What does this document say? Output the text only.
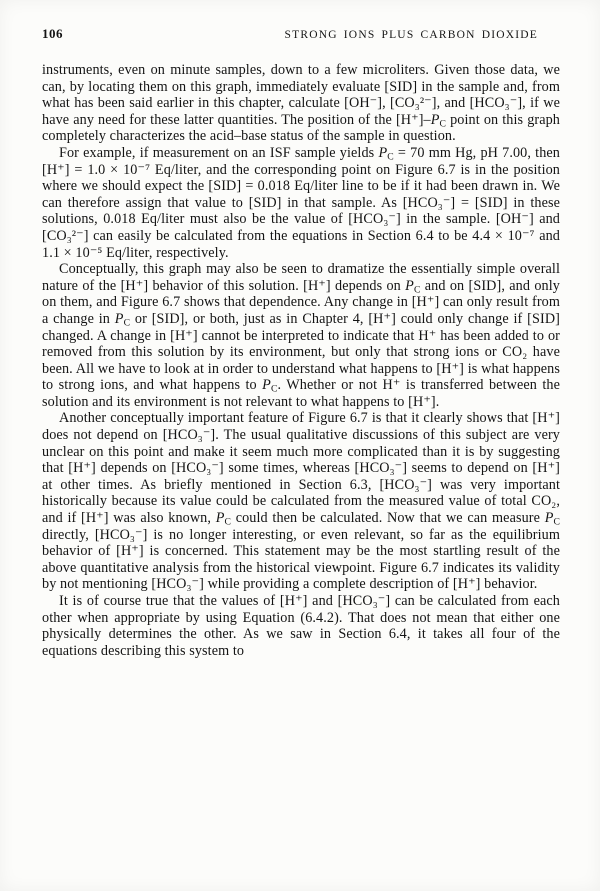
106	STRONG IONS PLUS CARBON DIOXIDE

instruments, even on minute samples, down to a few microliters. Given those data, we can, by locating them on this graph, immediately evaluate [SID] in the sample and, from what has been said earlier in this chapter, calculate [OH⁻], [CO₃²⁻], and [HCO₃⁻], if we have any need for these latter quantities. The position of the $[H^+]-P_C$ point on this graph completely characterizes the acid–base status of the sample in question.

For example, if measurement on an ISF sample yields $P_C = 70$ mm Hg, pH 7.00, then [H⁺] = 1.0 × 10⁻⁷ Eq/liter, and the corresponding point on Figure 6.7 is in the position where we should expect the [SID] = 0.018 Eq/liter line to be if it had been drawn in. We can therefore assign that value to [SID] in that sample. As [HCO₃⁻] = [SID] in these solutions, 0.018 Eq/liter must also be the value of [HCO₃⁻] in the sample. [OH⁻] and [CO₃²⁻] can easily be calculated from the equations in Section 6.4 to be 4.4 × 10⁻⁷ and 1.1 × 10⁻⁵ Eq/liter, respectively.

Conceptually, this graph may also be seen to dramatize the essentially simple overall nature of the [H⁺] behavior of this solution. [H⁺] depends on $P_C$ and on [SID], and only on them, and Figure 6.7 shows that dependence. Any change in [H⁺] can only result from a change in $P_C$ or [SID], or both, just as in Chapter 4, [H⁺] could only change if [SID] changed. A change in [H⁺] cannot be interpreted to indicate that H⁺ has been added to or removed from this solution by its environment, but only that strong ions or CO₂ have been. All we have to look at in order to understand what happens to [H⁺] is what happens to strong ions, and what happens to $P_C$. Whether or not H⁺ is transferred between the solution and its environment is not relevant to what happens to [H⁺].

Another conceptually important feature of Figure 6.7 is that it clearly shows that [H⁺] does not depend on [HCO₃⁻]. The usual qualitative discussions of this subject are very unclear on this point and make it seem much more complicated than it is by suggesting that [H⁺] depends on [HCO₃⁻] some times, whereas [HCO₃⁻] seems to depend on [H⁺] at other times. As briefly mentioned in Section 6.3, [HCO₃⁻] was very important historically because its value could be calculated from the measured value of total CO₂, and if [H⁺] was also known, $P_C$ could then be calculated. Now that we can measure $P_C$ directly, [HCO₃⁻] is no longer interesting, or even relevant, so far as the equilibrium behavior of [H⁺] is concerned. This statement may be the most startling result of the above quantitative analysis from the historical viewpoint. Figure 6.7 indicates its validity by not mentioning [HCO₃⁻] while providing a complete description of [H⁺] behavior.

It is of course true that the values of [H⁺] and [HCO₃⁻] can be calculated from each other when appropriate by using Equation (6.4.2). That does not mean that either one physically determines the other. As we saw in Section 6.4, it takes all four of the equations describing this system to
